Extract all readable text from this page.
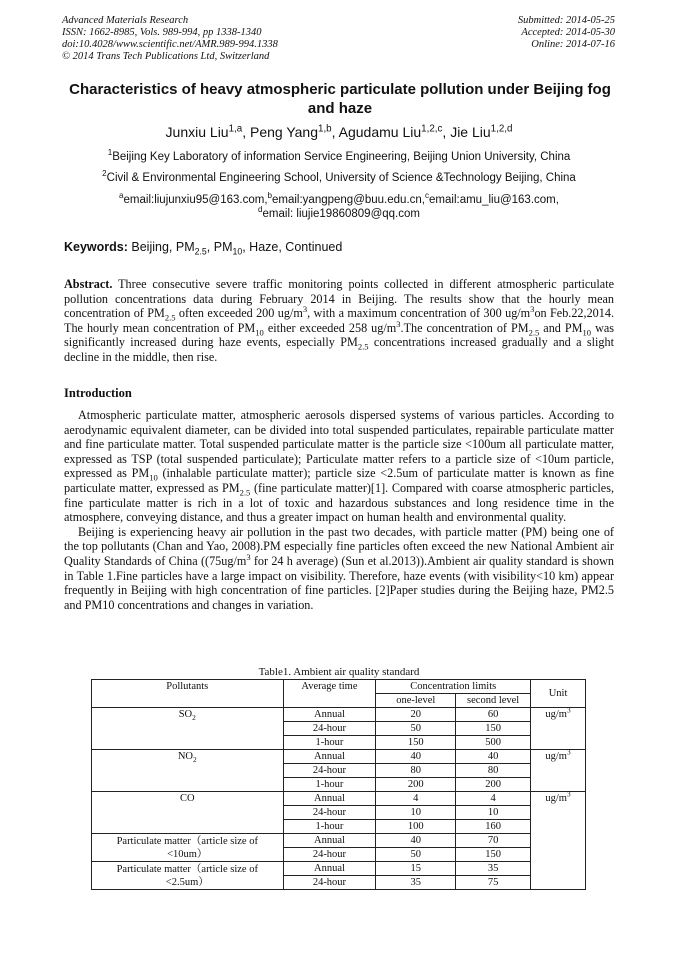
Advanced Materials Research
ISSN: 1662-8985, Vols. 989-994, pp 1338-1340
doi:10.4028/www.scientific.net/AMR.989-994.1338
© 2014 Trans Tech Publications Ltd, Switzerland
Submitted: 2014-05-25
Accepted: 2014-05-30
Online: 2014-07-16
Characteristics of heavy atmospheric particulate pollution under Beijing fog and haze
Junxiu Liu$^{1,a}$, Peng Yang$^{1,b}$, Agudamu Liu$^{1,2,c}$, Jie Liu$^{1,2,d}$
$^1$Beijing Key Laboratory of information Service Engineering, Beijing Union University, China
$^2$Civil & Environmental Engineering School, University of Science &Technology Beijing, China
$^a$email:liujunxiu95@163.com,$^b$email:yangpeng@buu.edu.cn,$^c$email:amu_liu@163.com,
$^d$email: liujie19860809@qq.com
Keywords: Beijing, $PM_{2.5}$, $PM_{10}$, Haze, Continued

Abstract. Three consecutive severe traffic monitoring points collected in different atmospheric particulate pollution concentrations data during February 2014 in Beijing. The results show that the hourly mean concentration of $PM_{2.5}$ often exceeded 200 $ug/m^3$, with a maximum concentration of 300 $ug/m^3on$ Feb.22,2014. The hourly mean concentration of $PM_{10}$ either exceeded 258 $ug/m^3.The$ concentration of $PM_{2.5}$ and $PM_{10}$ was significantly increased during haze events, especially $PM_{2.5}$ concentrations increased gradually and a slight decline in the middle, then rise.

Introduction

Atmospheric particulate matter, atmospheric aerosols dispersed systems of various particles. According to aerodynamic equivalent diameter, can be divided into total suspended particulates, repairable particulate matter and fine particulate matter. Total suspended particulate matter is the particle size <100um all particulate matter, expressed as TSP (total suspended particulate); Particulate matter refers to a particle size of <10um particle, expressed as $PM_{10}$ (inhalable particulate matter); particle size <2.5um of particulate matter is known as fine particulate matter, expressed as $PM_{2.5}$ (fine particulate matter)[1]. Compared with coarse atmospheric particles, fine particulate matter is rich in a lot of toxic and hazardous substances and long residence time in the atmosphere, conveying distance, and thus a greater impact on human health and environmental quality.

Beijing is experiencing heavy air pollution in the past two decades, with particle matter (PM) being one of the top pollutants (Chan and Yao, 2008).PM especially fine particles often exceed the new National Ambient air Quality Standards of China (($75ug/m^3$ for 24 h average) (Sun et al.2013)).Ambient air quality standard is shown in Table 1.Fine particles have a large impact on visibility. Therefore, haze events (with visibility<10 km) appear frequently in Beijing with high concentration of fine particles. [2]Paper studies during the Beijing haze, PM2.5 and PM10 concentrations and changes in variation.

Table1. Ambient air quality standard
Pollutants	Average time	Concentration limits		Unit
		one-level	second level	
$SO_2$	Annual	20	60	$ug/m^3$
	24-hour	50	150	
	1-hour	150	500	
$NO_2$	Annual	40	40	$ug/m^3$
	24-hour	80	80	
	1-hour	200	200	
CO	Annual	4	4	$ug/m^3$
	24-hour	10	10	
	1-hour	100	160	

Particulate matter（article size of
<10um）	Annual	40	70	
	24-hour	50	150	

Particulate matter（article size of
<2.5um）	Annual	15	35	
	24-hour	35	75	
